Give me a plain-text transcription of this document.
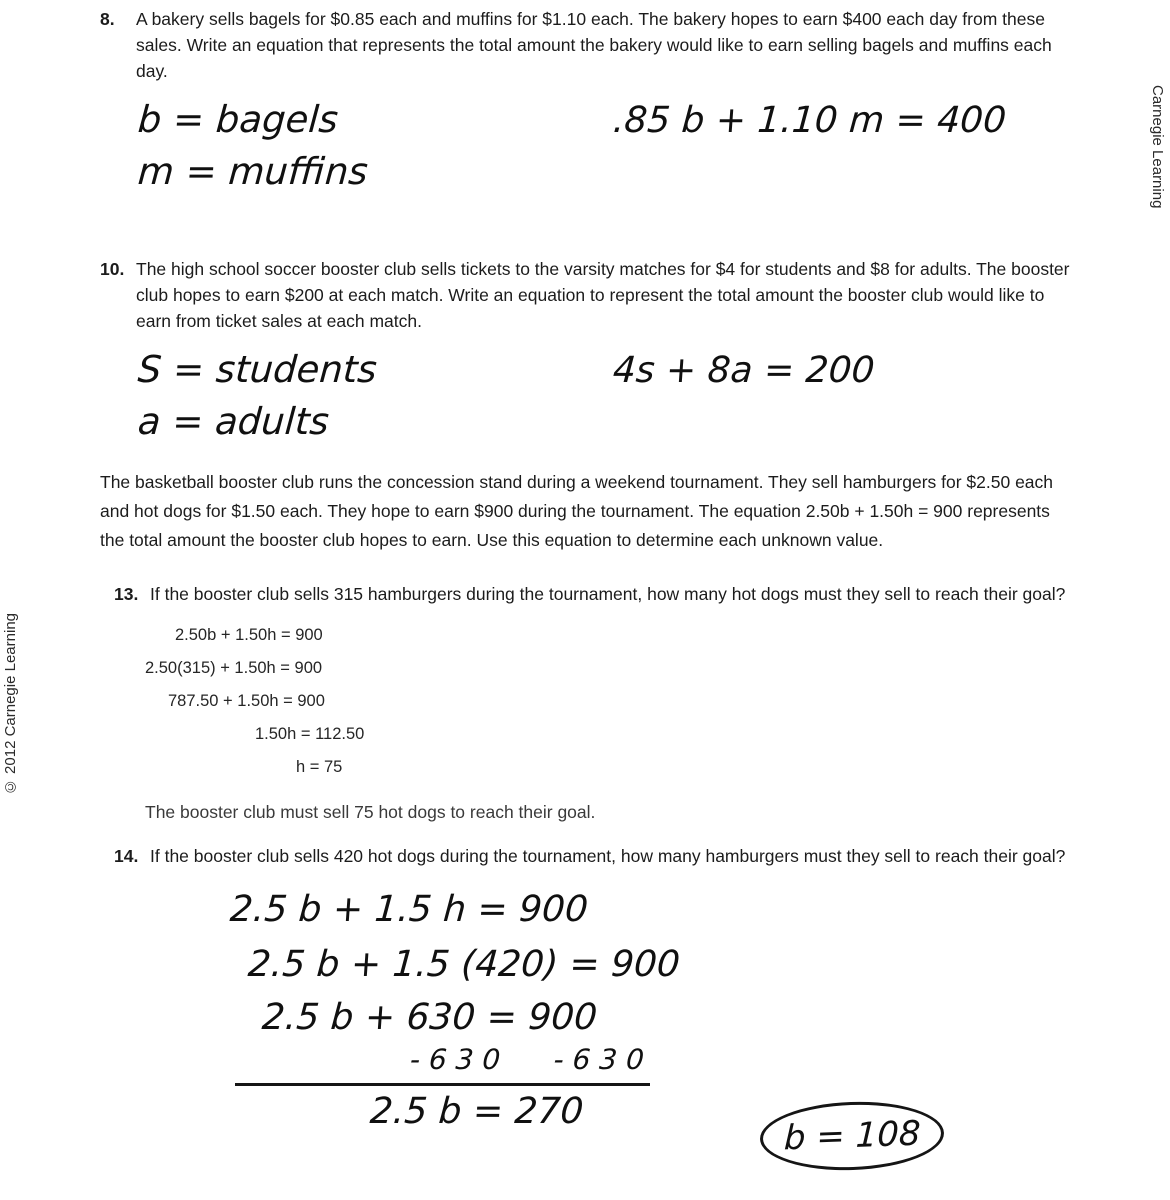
Carnegie Learning
© 2012 Carnegie Learning
8.	A bakery sells bagels for $0.85 each and muffins for $1.10 each. The bakery hopes to earn $400 each day from these sales. Write an equation that represents the total amount the bakery would like to earn selling bagels and muffins each day.
b = bagels
m = muffins
.85 b + 1.10 m = 400
10. The high school soccer booster club sells tickets to the varsity matches for $4 for students and $8 for adults. The booster club hopes to earn $200 at each match. Write an equation to represent the total amount the booster club would like to earn from ticket sales at each match.
S = students
a = adults
4s + 8a = 200

The basketball booster club runs the concession stand during a weekend tournament. They sell hamburgers for $2.50 each and hot dogs for $1.50 each. They hope to earn $900 during the tournament. The equation 2.50b + 1.50h = 900 represents the total amount the booster club hopes to earn. Use this equation to determine each unknown value.

13. If the booster club sells 315 hamburgers during the tournament, how many hot dogs must they sell to reach their goal?
2.50b + 1.50h = 900
2.50(315) + 1.50h = 900
787.50 + 1.50h = 900
1.50h = 112.50
h = 75
The booster club must sell 75 hot dogs to reach their goal.
14. If the booster club sells 420 hot dogs during the tournament, how many hamburgers must they sell to reach their goal?
2.5 b + 1.5 h = 900
2.5 b + 1.5 (420) = 900
2.5 b + 630 = 900
- 6 3 0      - 6 3 0
2.5 b = 270
b = 108
